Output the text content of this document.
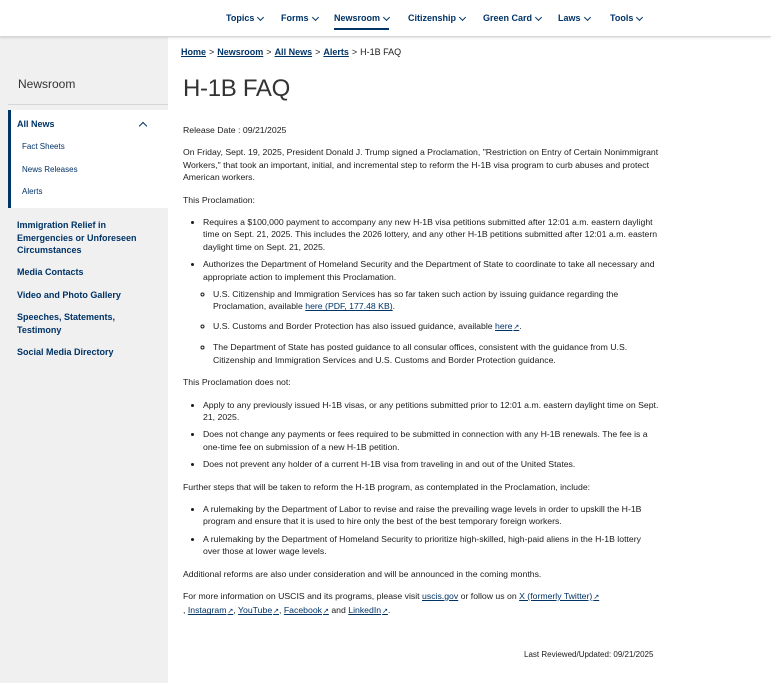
Topics	Forms	Newsroom	Citizenship	Green Card	Laws	Tools
Newsroom
All News
Fact Sheets
News Releases
Alerts
Immigration Relief in Emergencies or Unforeseen Circumstances
Media Contacts
Video and Photo Gallery
Speeches, Statements, Testimony
Social Media Directory
Home > Newsroom > All News > Alerts > H-1B FAQ
H-1B FAQ

Release Date : 09/21/2025

On Friday, Sept. 19, 2025, President Donald J. Trump signed a Proclamation, "Restriction on Entry of Certain Nonimmigrant Workers," that took an important, initial, and incremental step to reform the H-1B visa program to curb abuses and protect American workers.

This Proclamation:

• Requires a $100,000 payment to accompany any new H-1B visa petitions submitted after 12:01 a.m. eastern daylight time on Sept. 21, 2025. This includes the 2026 lottery, and any other H-1B petitions submitted after 12:01 a.m. eastern daylight time on Sept. 21, 2025.
• Authorizes the Department of Homeland Security and the Department of State to coordinate to take all necessary and appropriate action to implement this Proclamation.
◦ U.S. Citizenship and Immigration Services has so far taken such action by issuing guidance regarding the Proclamation, available here (PDF, 177.48 KB).
◦ U.S. Customs and Border Protection has also issued guidance, available here↗.
◦ The Department of State has posted guidance to all consular offices, consistent with the guidance from U.S. Citizenship and Immigration Services and U.S. Customs and Border Protection guidance.

This Proclamation does not:

• Apply to any previously issued H-1B visas, or any petitions submitted prior to 12:01 a.m. eastern daylight time on Sept. 21, 2025.
• Does not change any payments or fees required to be submitted in connection with any H-1B renewals. The fee is a one-time fee on submission of a new H-1B petition.
• Does not prevent any holder of a current H-1B visa from traveling in and out of the United States.

Further steps that will be taken to reform the H-1B program, as contemplated in the Proclamation, include:

• A rulemaking by the Department of Labor to revise and raise the prevailing wage levels in order to upskill the H-1B program and ensure that it is used to hire only the best of the best temporary foreign workers.
• A rulemaking by the Department of Homeland Security to prioritize high-skilled, high-paid aliens in the H-1B lottery over those at lower wage levels.

Additional reforms are also under consideration and will be announced in the coming months.

For more information on USCIS and its programs, please visit uscis.gov or follow us on X (formerly Twitter)↗
, Instagram↗, YouTube↗, Facebook↗ and LinkedIn↗.

Last Reviewed/Updated: 09/21/2025
